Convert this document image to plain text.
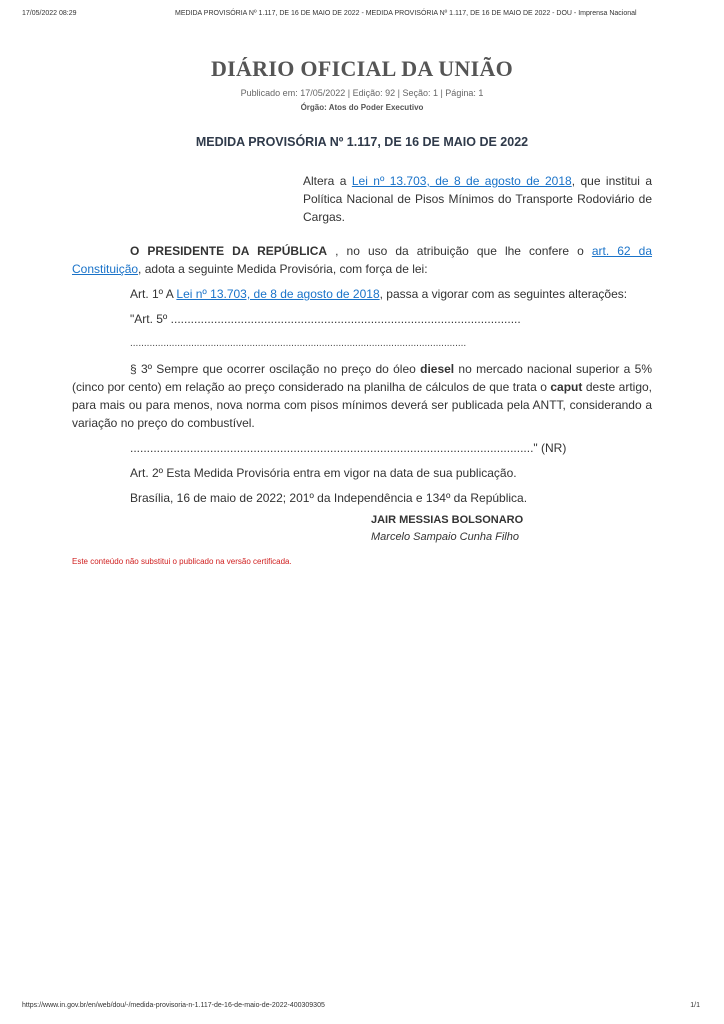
17/05/2022 08:29	MEDIDA PROVISÓRIA Nº 1.117, DE 16 DE MAIO DE 2022 - MEDIDA PROVISÓRIA Nº 1.117, DE 16 DE MAIO DE 2022 - DOU - Imprensa Nacional
DIÁRIO OFICIAL DA UNIÃO
Publicado em: 17/05/2022 | Edição: 92 | Seção: 1 | Página: 1
Órgão: Atos do Poder Executivo
MEDIDA PROVISÓRIA Nº 1.117, DE 16 DE MAIO DE 2022
Altera a Lei nº 13.703, de 8 de agosto de 2018, que institui a Política Nacional de Pisos Mínimos do Transporte Rodoviário de Cargas.

O PRESIDENTE DA REPÚBLICA , no uso da atribuição que lhe confere o art. 62 da Constituição, adota a seguinte Medida Provisória, com força de lei:

Art. 1º A Lei nº 13.703, de 8 de agosto de 2018, passa a vigorar com as seguintes alterações:

"Art. 5º .........................................................................................................

.........................................................................................................................

§ 3º Sempre que ocorrer oscilação no preço do óleo diesel no mercado nacional superior a 5% (cinco por cento) em relação ao preço considerado na planilha de cálculos de que trata o caput deste artigo, para mais ou para menos, nova norma com pisos mínimos deverá ser publicada pela ANTT, considerando a variação no preço do combustível.

........................................................................................................................." (NR)

Art. 2º Esta Medida Provisória entra em vigor na data de sua publicação.

Brasília, 16 de maio de 2022; 201º da Independência e 134º da República.

JAIR MESSIAS BOLSONARO
Marcelo Sampaio Cunha Filho
Este conteúdo não substitui o publicado na versão certificada.
https://www.in.gov.br/en/web/dou/-/medida-provisoria-n-1.117-de-16-de-maio-de-2022-400309305	1/1
